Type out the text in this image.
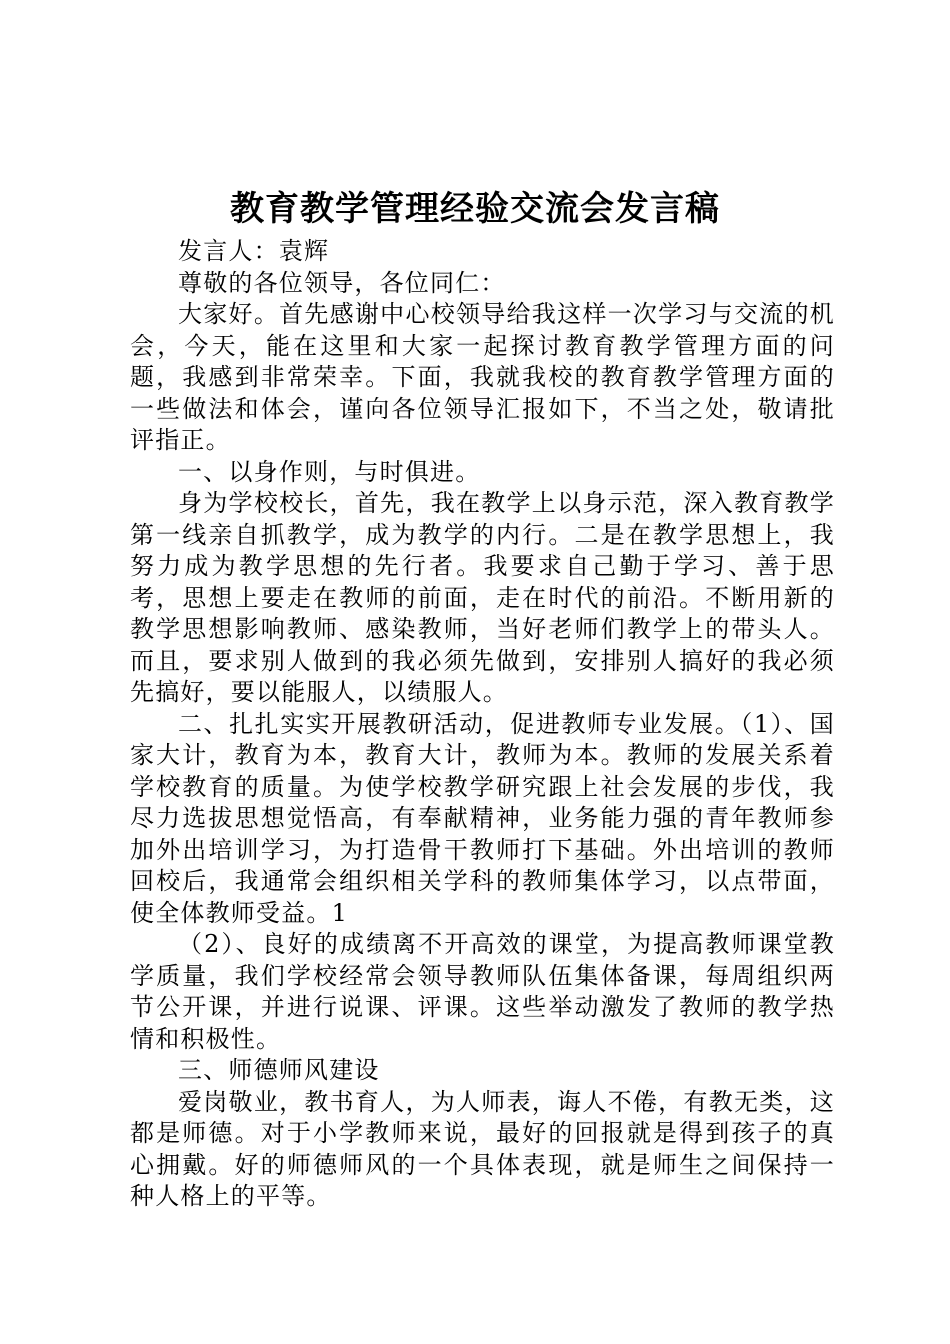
教育教学管理经验交流会发言稿

发言人：袁辉

尊敬的各位领导，各位同仁：

大家好。首先感谢中心校领导给我这样一次学习与交流的机会，今天，能在这里和大家一起探讨教育教学管理方面的问题，我感到非常荣幸。下面，我就我校的教育教学管理方面的一些做法和体会，谨向各位领导汇报如下，不当之处，敬请批评指正。

一、以身作则，与时俱进。

身为学校校长，首先，我在教学上以身示范，深入教育教学第一线亲自抓教学，成为教学的内行。二是在教学思想上，我努力成为教学思想的先行者。我要求自己勤于学习、善于思考，思想上要走在教师的前面，走在时代的前沿。不断用新的教学思想影响教师、感染教师，当好老师们教学上的带头人。而且，要求别人做到的我必须先做到，安排别人搞好的我必须先搞好，要以能服人，以绩服人。

二、扎扎实实开展教研活动，促进教师专业发展。（1）、国家大计，教育为本，教育大计，教师为本。教师的发展关系着学校教育的质量。为使学校教学研究跟上社会发展的步伐，我尽力选拔思想觉悟高，有奉献精神，业务能力强的青年教师参加外出培训学习，为打造骨干教师打下基础。外出培训的教师回校后，我通常会组织相关学科的教师集体学习，以点带面，使全体教师受益。1

（2）、良好的成绩离不开高效的课堂，为提高教师课堂教学质量，我们学校经常会领导教师队伍集体备课，每周组织两节公开课，并进行说课、评课。这些举动激发了教师的教学热情和积极性。

三、师德师风建设

爱岗敬业，教书育人，为人师表，诲人不倦，有教无类，这都是师德。对于小学教师来说，最好的回报就是得到孩子的真心拥戴。好的师德师风的一个具体表现，就是师生之间保持一种人格上的平等。
